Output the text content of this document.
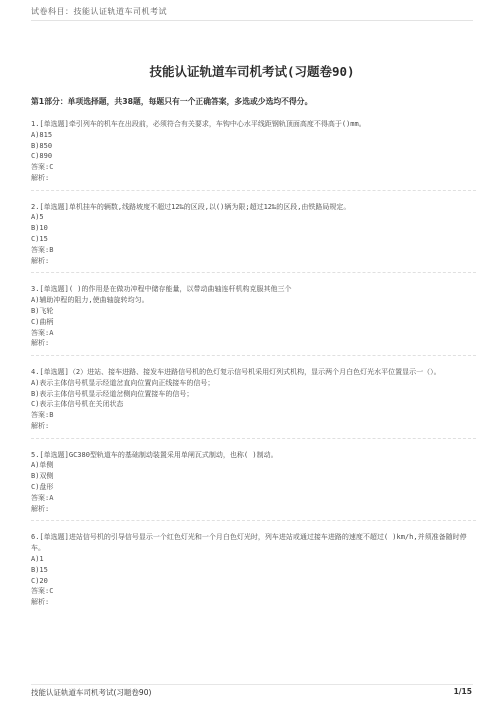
试卷科目：技能认证轨道车司机考试
技能认证轨道车司机考试(习题卷90)
第1部分：单项选择题，共38题，每题只有一个正确答案，多选或少选均不得分。
1.[单选题]牵引列车的机车在出段前，必须符合有关要求，车钩中心水平线距钢轨顶面高度不得高于()mm。
A)815
B)850
C)890
答案:C
解析:
2.[单选题]单机挂车的辆数,线路坡度不超过12‰的区段,以()辆为限;超过12‰的区段,由铁路局规定。
A)5
B)10
C)15
答案:B
解析:
3.[单选题]( )的作用是在做功冲程中储存能量，以带动曲轴连杆机构克服其他三个
A)辅助冲程的阻力,使曲轴旋转均匀。
B)飞轮
C)曲柄
答案:A
解析:
4.[单选题]（2）进站、接车进路、接发车进路信号机的色灯复示信号机采用灯列式机构，显示两个月白色灯光水平位置显示一（）。
A)表示主体信号机显示经道岔直向位置向正线接车的信号；
B)表示主体信号机显示经道岔侧向位置接车的信号；
C)表示主体信号机在关闭状态
答案:B
解析:
5.[单选题]GC380型轨道车的基础制动装置采用单闸瓦式制动，也称( )制动。
A)单侧
B)双侧
C)盘形
答案:A
解析:
6.[单选题]进站信号机的引导信号显示一个红色灯光和一个月白色灯光时，列车进站或通过接车进路的速度不超过( )km/h,并须准备随时停车。
A)1
B)15
C)20
答案:C
解析:
技能认证轨道车司机考试(习题卷90)	1/15
